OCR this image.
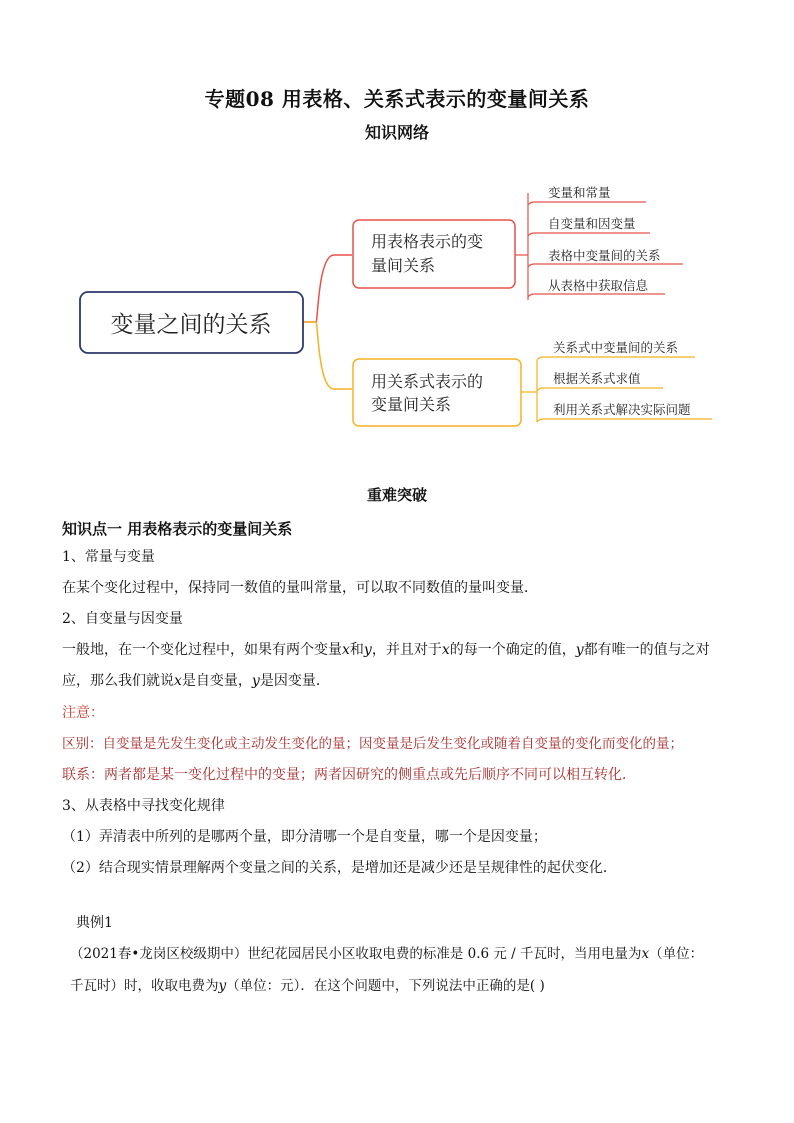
专题08 用表格、关系式表示的变量间关系
知识网络
变量之间的关系
用表格表示的变
量间关系
变量和常量
自变量和因变量
表格中变量间的关系
从表格中获取信息
用关系式表示的
变量间关系
关系式中变量间的关系
根据关系式求值
利用关系式解决实际问题
重难突破
知识点一 用表格表示的变量间关系
1、常量与变量
在某个变化过程中，保持同一数值的量叫常量，可以取不同数值的量叫变量．
2、自变量与因变量
一般地，在一个变化过程中，如果有两个变量x和y，并且对于x的每一个确定的值，y都有唯一的值与之对
应，那么我们就说x是自变量，y是因变量．
注意：
区别：自变量是先发生变化或主动发生变化的量；因变量是后发生变化或随着自变量的变化而变化的量；
联系：两者都是某一变化过程中的变量；两者因研究的侧重点或先后顺序不同可以相互转化．
3、从表格中寻找变化规律
（1）弄清表中所列的是哪两个量，即分清哪一个是自变量，哪一个是因变量；
（2）结合现实情景理解两个变量之间的关系，是增加还是减少还是呈规律性的起伏变化．
典例1
（2021春•龙岗区校级期中）世纪花园居民小区收取电费的标准是 0.6 元 / 千瓦时，当用电量为x（单位：
千瓦时）时，收取电费为y（单位：元）．在这个问题中，下列说法中正确的是( )
